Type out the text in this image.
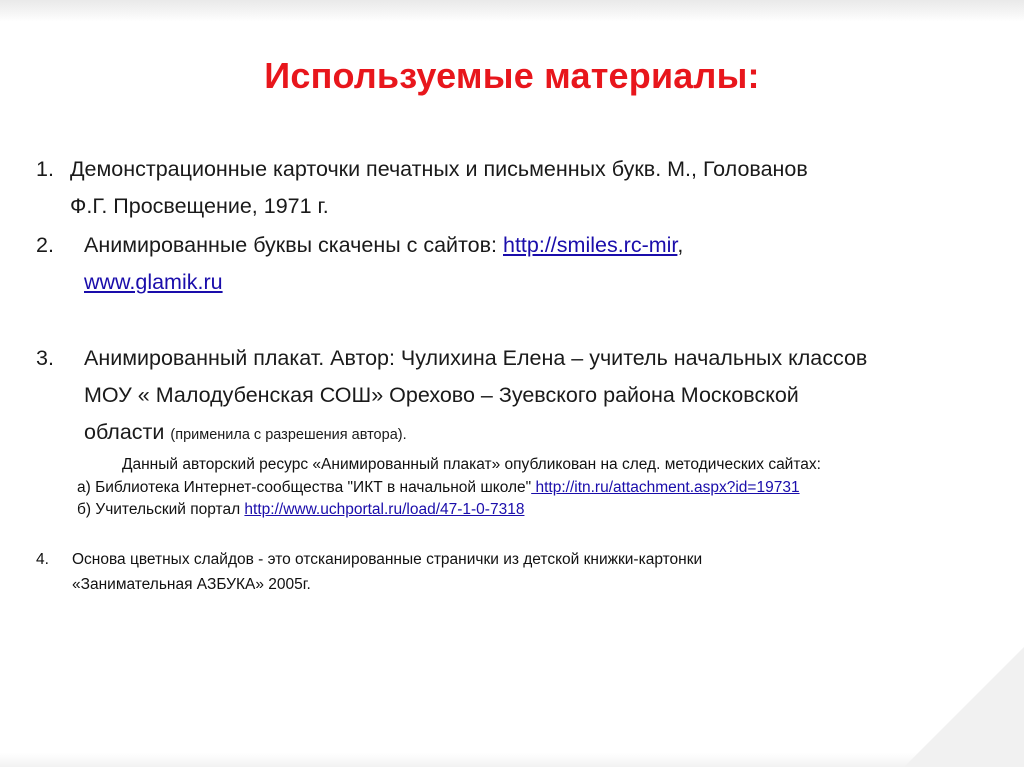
Используемые материалы:
1. Демонстрационные карточки печатных и письменных букв. М., Голованов
Ф.Г. Просвещение, 1971 г.
2. Анимированные буквы скачены с сайтов: http://smiles.rc-mir,
www.glamik.ru
3. Анимированный плакат. Автор: Чулихина Елена – учитель начальных классов
МОУ « Малодубенская СОШ» Орехово – Зуевского района Московской
области (применила с разрешения автора).
Данный авторский ресурс «Анимированный плакат» опубликован на след. методических сайтах:
а) Библиотека Интернет-сообщества "ИКТ в начальной школе" http://itn.ru/attachment.aspx?id=19731
б) Учительский портал http://www.uchportal.ru/load/47-1-0-7318
4. Основа цветных слайдов - это отсканированные странички из детской книжки-картонки
«Занимательная АЗБУКА» 2005г.
